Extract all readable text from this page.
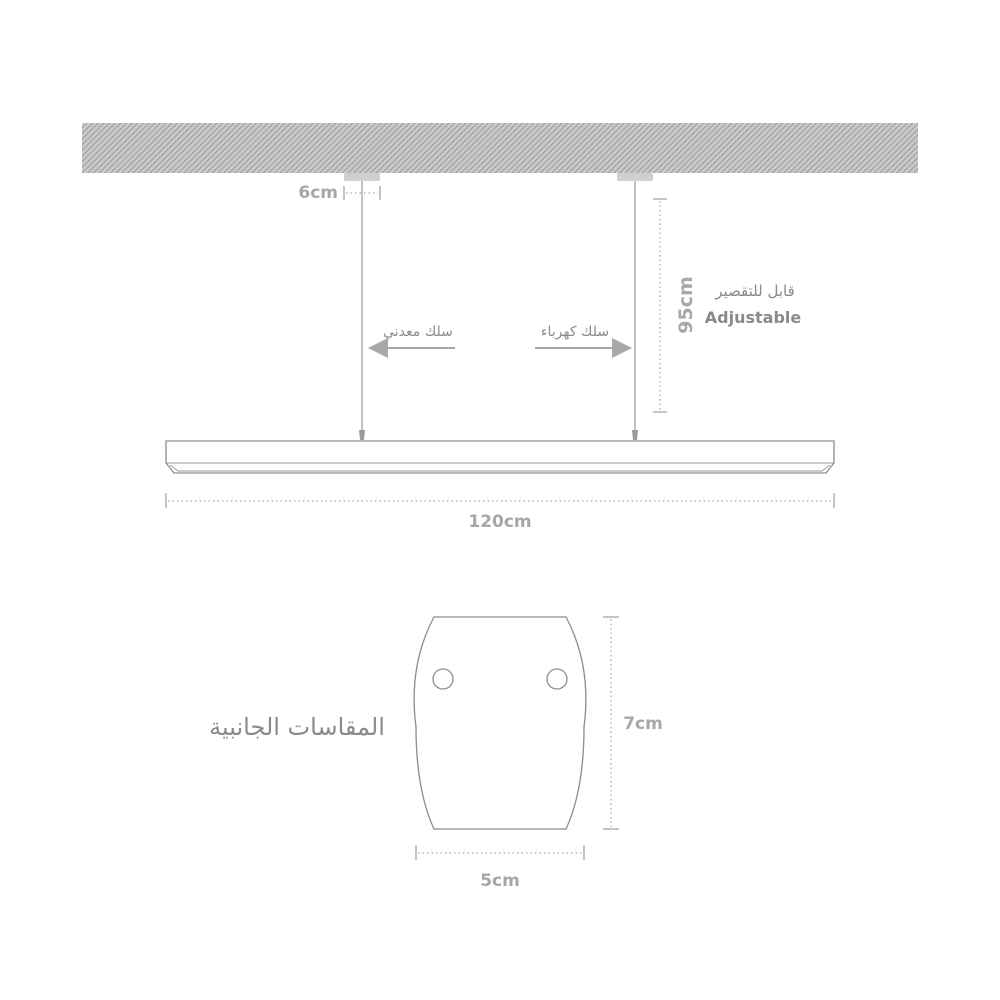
6cm
سلك معدني	سلك كهرباء	95cm قابل للتقصير
Adjustable
120cm
المقاسات الجانبية	7cm
5cm
